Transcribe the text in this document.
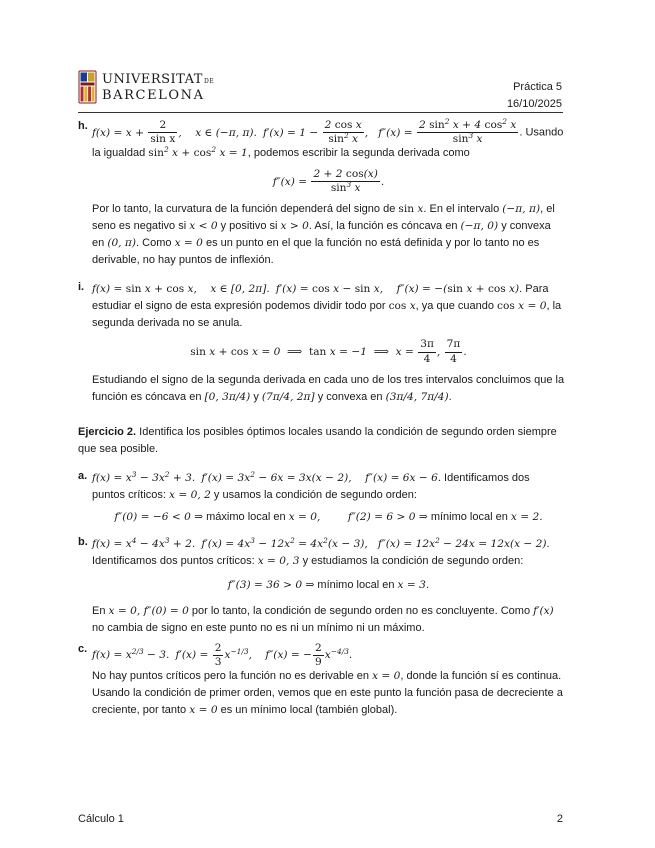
UNIVERSITATDE
BARCELONA
Práctica 5
16/10/2025
h.

$f(x) = x + \frac{2}{\text{sin x}}$ ,    x ∈ (−π, π). $f'(x) = 1 - \frac{\text{2 cos x}}{\sin^2 x}$ ,   $f''(x) = \frac{2 \sin^2 x + 4 \cos^2 x}{\sin^3 x}$ . Usando la igualdad $\sin^2 x + \cos^2 x = 1$, podemos escribir la segunda derivada como

$f''(x) = \frac{2 + 2 \cos(x)}{\sin^3 x}$ .

Por lo tanto, la curvatura de la función dependerá del signo de sin x. En el intervalo (−π, π), el seno es negativo si x < 0 y positivo si x > 0. Así, la función es cóncava en (−π, 0) y convexa en (0, π). Como x = 0 es un punto en el que la función no está definida y por lo tanto no es derivable, no hay puntos de inflexión.

i. f(x) = sin x + cos x,    x ∈ [0, 2π]. f′(x) = cos x − sin x,    f″(x) = −(sin x + cos x). Para estudiar el signo de esta expresión podemos dividir todo por cos x, ya que cuando cos x = 0, la segunda derivada no se anula.

sin x + cos x = 0  ⟹  tan x = −1  ⟹  $x = \frac{3\pi}{4}$ , $\frac{7\pi}{4}$ .

Estudiando el signo de la segunda derivada en cada uno de los tres intervalos concluimos que la función es cóncava en [0, 3π/4) y (7π/4, 2π] y convexa en (3π/4, 7π/4).

Ejercicio 2. Identifica los posibles óptimos locales usando la condición de segundo orden siempre que sea posible.

a. $f(x) = x^3 - 3x^2 + 3$. $f'(x) = 3x^2 - 6x = 3x(x - 2)$,    f″(x) = 6x − 6. Identificamos dos puntos críticos: x = 0, 2 y usamos la condición de segundo orden:

f″(0) = −6 < 0 ⇒ máximo local en x = 0,	f″(2) = 6 > 0 ⇒ mínimo local en x = 2.
b. $f(x) = x^4 - 4x^3 + 2$. $f'(x) = 4x^3 - 12x^2 = 4x^2(x - 3)$,   $f''(x) = 12x^2 - 24x = 12x(x - 2)$. Identificamos dos puntos críticos: x = 0, 3 y estudiamos la condición de segundo orden:

f″(3) = 36 > 0 ⇒ mínimo local en x = 3.

En x = 0, f″(0) = 0 por lo tanto, la condición de segundo orden no es concluyente. Como f′(x) no cambia de signo en este punto no es ni un mínimo ni un máximo.

c.

$f(x) = x^{2/3} - 3$. $f'(x) = \frac{2}{3} x^{-1/3}$,    f″(x) = − $\frac{2}{9} x^{-4/3}$.
No hay puntos críticos pero la función no es derivable en x = 0, donde la función sí es continua. Usando la condición de primer orden, vemos que en este punto la función pasa de decreciente a creciente, por tanto x = 0 es un mínimo local (también global).

Cálculo 1	2
